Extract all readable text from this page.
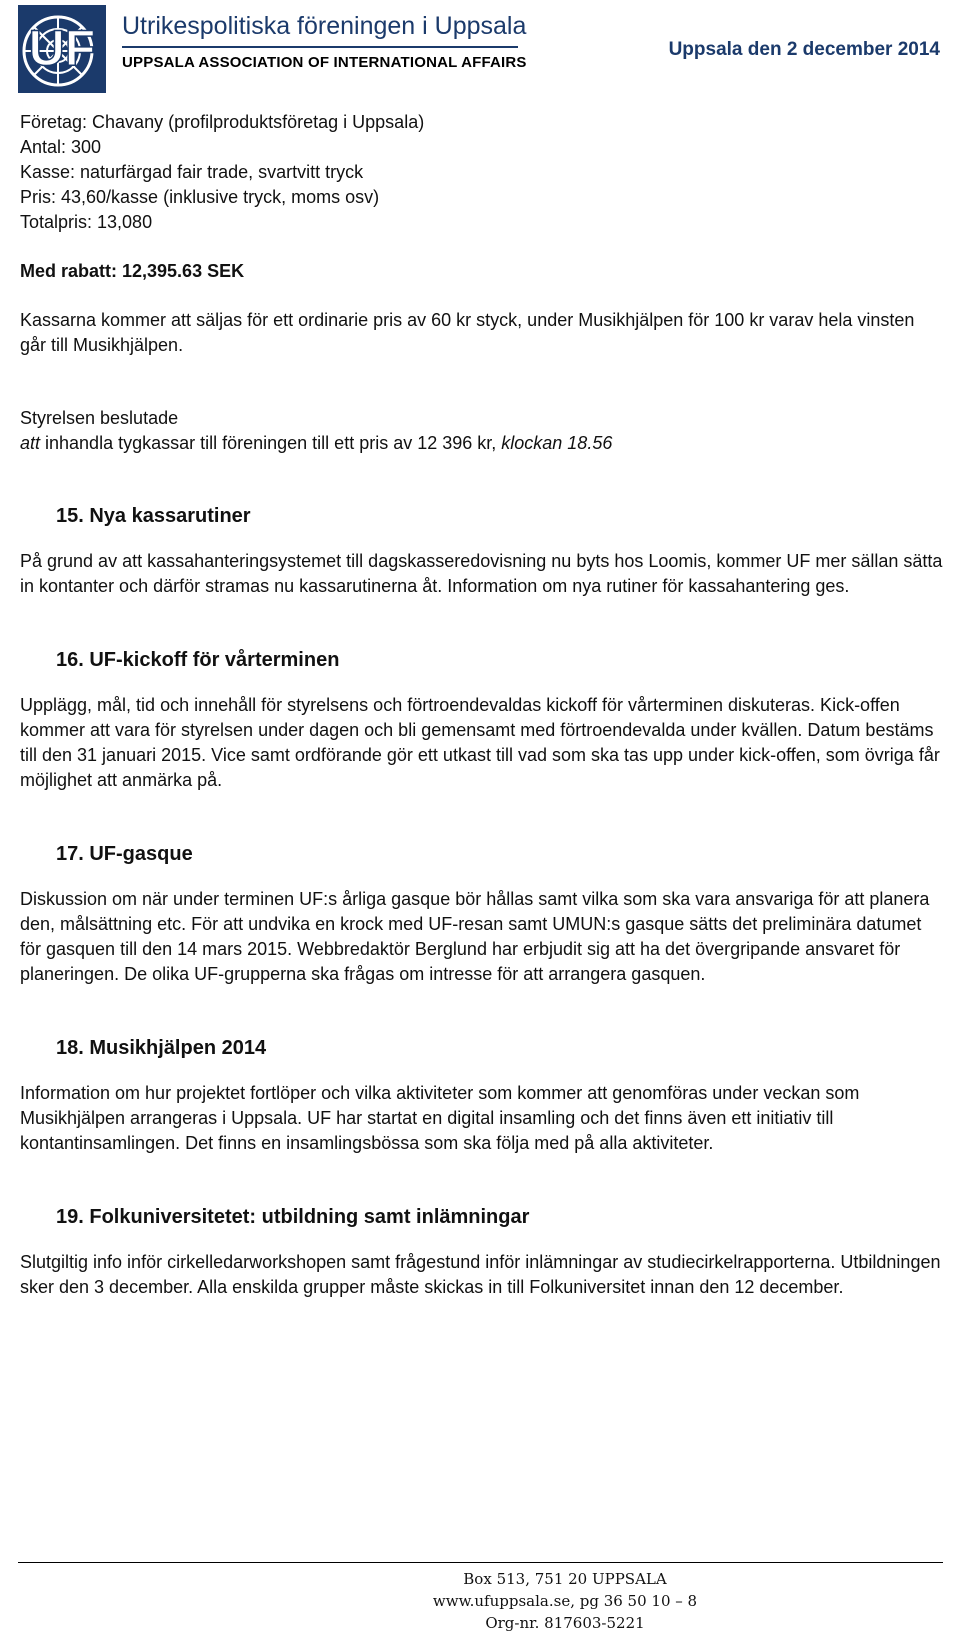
UF Utrikespolitiska föreningen i Uppsala
UPPSALA ASSOCIATION OF INTERNATIONAL AFFAIRS
Uppsala den 2 december 2014

Företag: Chavany (profilproduktsföretag i Uppsala)

Antal: 300

Kasse: naturfärgad fair trade, svartvitt tryck

Pris: 43,60/kasse (inklusive tryck, moms osv)

Totalpris: 13,080

Med rabatt: 12,395.63 SEK

Kassarna kommer att säljas för ett ordinarie pris av 60 kr styck, under Musikhjälpen för 100 kr varav hela vinsten går till Musikhjälpen.

Styrelsen beslutade

att inhandla tygkassar till föreningen till ett pris av 12 396 kr, klockan 18.56

15. Nya kassarutiner

På grund av att kassahanteringsystemet till dagskasseredovisning nu byts hos Loomis, kommer UF mer sällan sätta in kontanter och därför stramas nu kassarutinerna åt. Information om nya rutiner för kassahantering ges.

16. UF-kickoff för vårterminen

Upplägg, mål, tid och innehåll för styrelsens och förtroendevaldas kickoff för vårterminen diskuteras. Kick-offen kommer att vara för styrelsen under dagen och bli gemensamt med förtroendevalda under kvällen. Datum bestäms till den 31 januari 2015. Vice samt ordförande gör ett utkast till vad som ska tas upp under kick-offen, som övriga får möjlighet att anmärka på.

17. UF-gasque

Diskussion om när under terminen UF:s årliga gasque bör hållas samt vilka som ska vara ansvariga för att planera den, målsättning etc. För att undvika en krock med UF-resan samt UMUN:s gasque sätts det preliminära datumet för gasquen till den 14 mars 2015. Webbredaktör Berglund har erbjudit sig att ha det övergripande ansvaret för planeringen. De olika UF-grupperna ska frågas om intresse för att arrangera gasquen.

18. Musikhjälpen 2014

Information om hur projektet fortlöper och vilka aktiviteter som kommer att genomföras under veckan som Musikhjälpen arrangeras i Uppsala. UF har startat en digital insamling och det finns även ett initiativ till kontantinsamlingen. Det finns en insamlingsbössa som ska följa med på alla aktiviteter.

19. Folkuniversitetet: utbildning samt inlämningar

Slutgiltig info inför cirkelledarworkshopen samt frågestund inför inlämningar av studiecirkelrapporterna. Utbildningen sker den 3 december. Alla enskilda grupper måste skickas in till Folkuniversitet innan den 12 december.

Box 513, 751 20 UPPSALA
www.ufuppsala.se, pg 36 50 10 – 8
Org-nr. 817603-5221
